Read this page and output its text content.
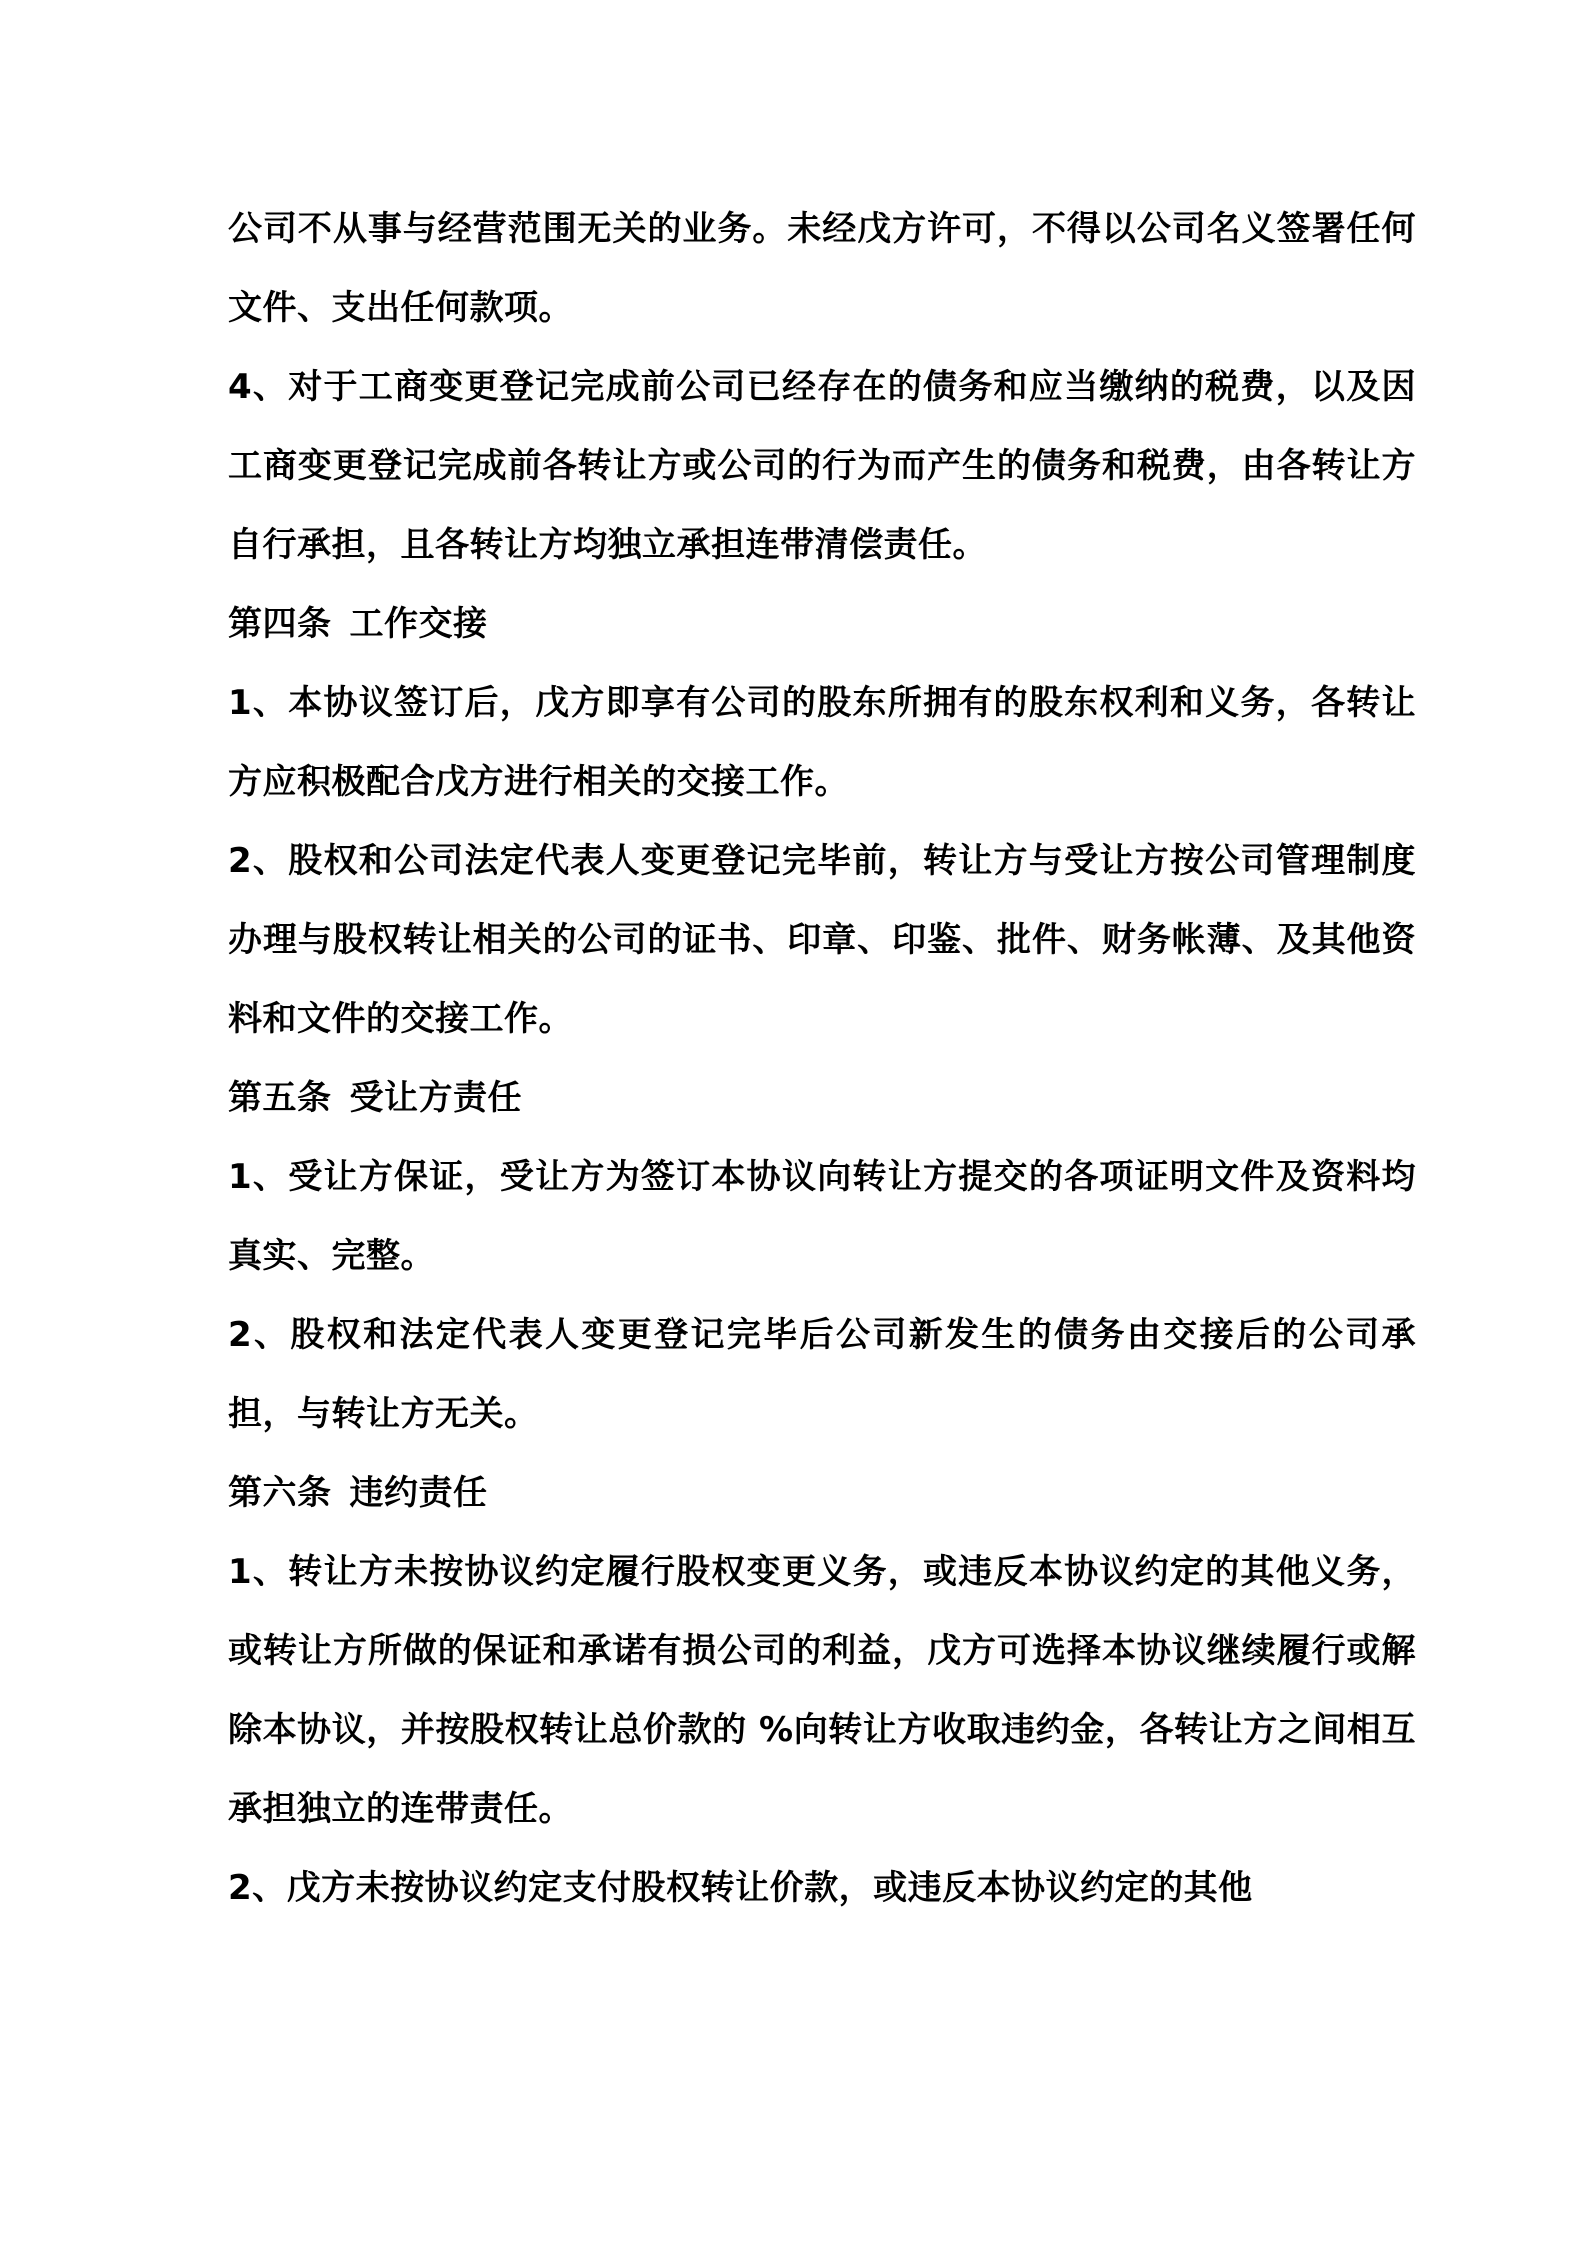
公司不从事与经营范围无关的业务。未经戊方许可，不得以公司名义签署任何文件、支出任何款项。

4、对于工商变更登记完成前公司已经存在的债务和应当缴纳的税费，以及因工商变更登记完成前各转让方或公司的行为而产生的债务和税费，由各转让方自行承担，且各转让方均独立承担连带清偿责任。

第四条 工作交接

1、本协议签订后，戊方即享有公司的股东所拥有的股东权利和义务，各转让方应积极配合戊方进行相关的交接工作。

2、股权和公司法定代表人变更登记完毕前，转让方与受让方按公司管理制度办理与股权转让相关的公司的证书、印章、印鉴、批件、财务帐薄、及其他资料和文件的交接工作。

第五条 受让方责任

1、受让方保证，受让方为签订本协议向转让方提交的各项证明文件及资料均真实、完整。

2、股权和法定代表人变更登记完毕后公司新发生的债务由交接后的公司承担，与转让方无关。

第六条 违约责任

1、转让方未按协议约定履行股权变更义务，或违反本协议约定的其他义务，或转让方所做的保证和承诺有损公司的利益，戊方可选择本协议继续履行或解除本协议，并按股权转让总价款的 %向转让方收取违约金，各转让方之间相互承担独立的连带责任。

2、戊方未按协议约定支付股权转让价款，或违反本协议约定的其他
